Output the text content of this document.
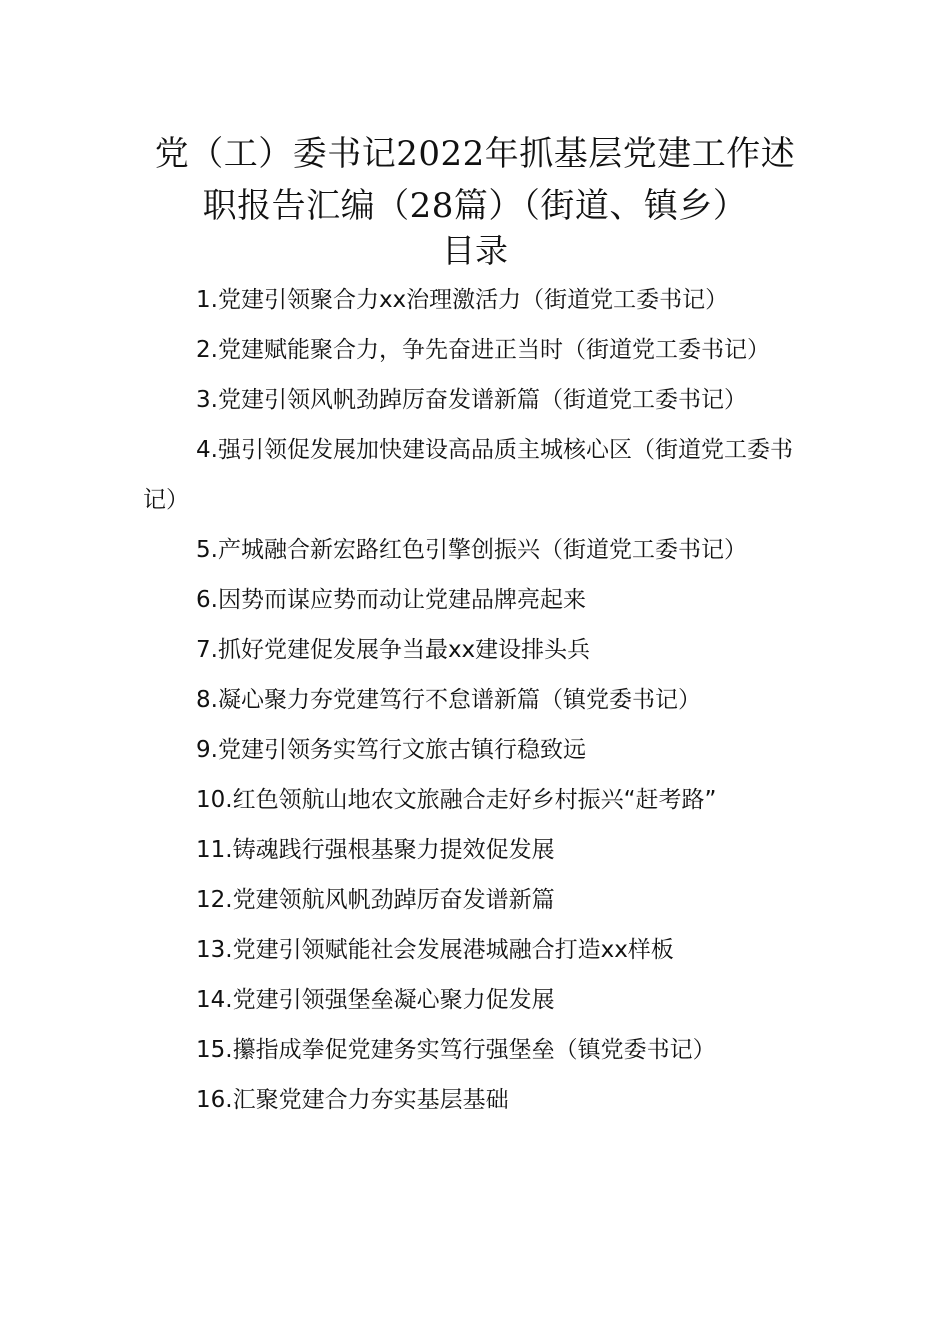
党（工）委书记2022年抓基层党建工作述
职报告汇编（28篇）（街道、镇乡）
目录
1.党建引领聚合力xx治理激活力（街道党工委书记）
2.党建赋能聚合力，争先奋进正当时（街道党工委书记）
3.党建引领风帆劲踔厉奋发谱新篇（街道党工委书记）
4.强引领促发展加快建设高品质主城核心区（街道党工委书记）
5.产城融合新宏路红色引擎创振兴（街道党工委书记）
6.因势而谋应势而动让党建品牌亮起来
7.抓好党建促发展争当最xx建设排头兵
8.凝心聚力夯党建笃行不怠谱新篇（镇党委书记）
9.党建引领务实笃行文旅古镇行稳致远
10.红色领航山地农文旅融合走好乡村振兴“赶考路”
11.铸魂践行强根基聚力提效促发展
12.党建领航风帆劲踔厉奋发谱新篇
13.党建引领赋能社会发展港城融合打造xx样板
14.党建引领强堡垒凝心聚力促发展
15.攥指成拳促党建务实笃行强堡垒（镇党委书记）
16.汇聚党建合力夯实基层基础
